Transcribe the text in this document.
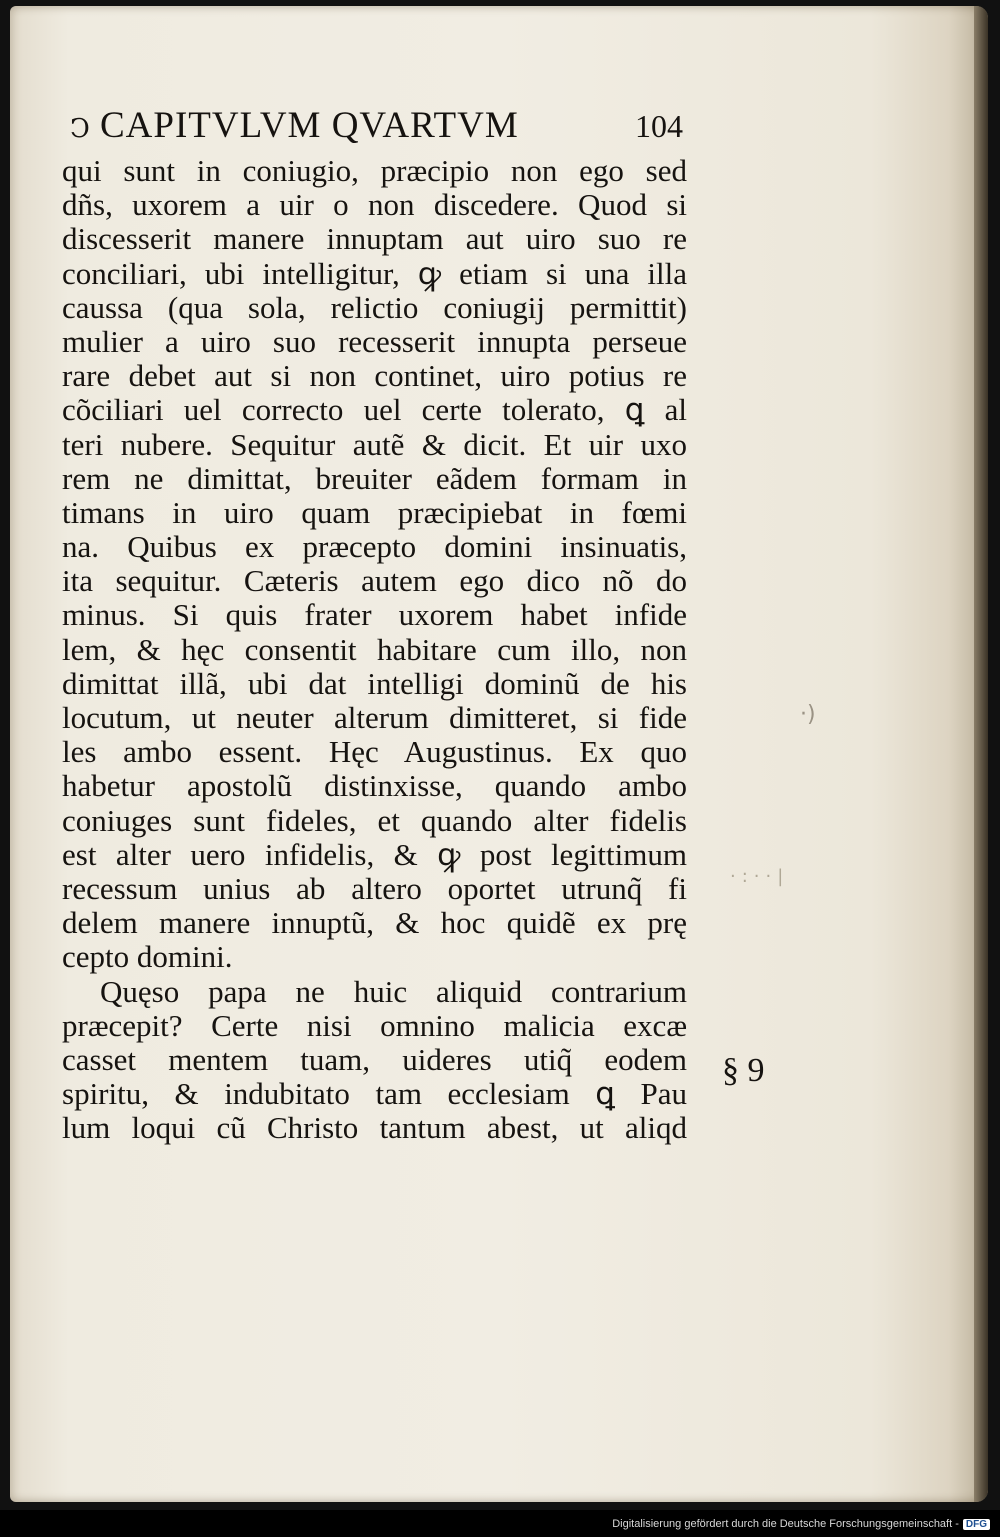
Ↄ CAPITVLVM QVARTVM	104
qui sunt in coniugio, præcipio non ego sed
dñs, uxorem a uir o non discedere. Quod si
discesserit manere innuptam aut uiro suo re
conciliari, ubi intelligitur, ꝙ etiam si una illa
caussa (qua sola, relictio coniugij permittit)
mulier a uiro suo recesserit innupta perseue
rare debet aut si non continet, uiro potius re
cõciliari uel correcto uel certe tolerato, ꝗ al
teri nubere. Sequitur autẽ & dicit. Et uir uxo
rem ne dimittat, breuiter eãdem formam in
timans in uiro quam præcipiebat in fœmi
na. Quibus ex præcepto domini insinuatis,
ita sequitur. Cæteris autem ego dico nõ do
minus. Si quis frater uxorem habet infide
lem, & hęc consentit habitare cum illo, non
dimittat illã, ubi dat intelligi dominũ de his
locutum, ut neuter alterum dimitteret, si fide
les ambo essent. Hęc Augustinus. Ex quo
habetur apostolũ distinxisse, quando ambo
coniuges sunt fideles, et quando alter fidelis
est alter uero infidelis, & ꝙ post legittimum
recessum unius ab altero oportet utrunq̃ fi
delem manere innuptũ, & hoc quidẽ ex prę
cepto domini.
Quęso papa ne huic aliquid contrarium
præcepit? Certe nisi omnino malicia excæ
casset mentem tuam, uideres utiq̃ eodem
spiritu, & indubitato tam ecclesiam ꝗ Pau
lum loqui cũ Christo tantum abest, ut aliqd
§ 9
·)
·:··|
Digitalisierung gefördert durch die Deutsche Forschungsgemeinschaft - DFG
